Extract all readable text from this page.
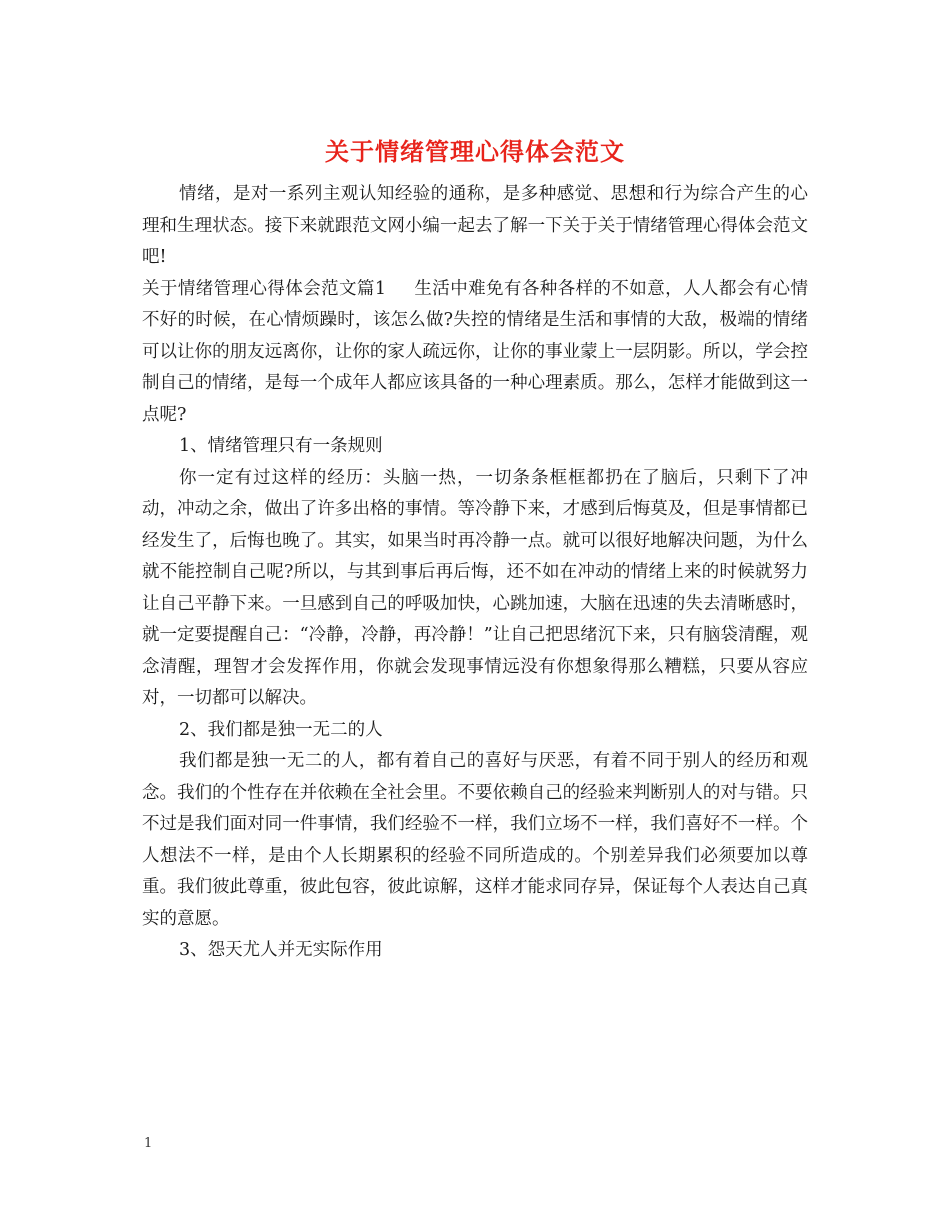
关于情绪管理心得体会范文

情绪，是对一系列主观认知经验的通称，是多种感觉、思想和行为综合产生的心理和生理状态。接下来就跟范文网小编一起去了解一下关于关于情绪管理心得体会范文吧!

关于情绪管理心得体会范文篇1 生活中难免有各种各样的不如意，人人都会有心情不好的时候，在心情烦躁时，该怎么做?失控的情绪是生活和事情的大敌，极端的情绪可以让你的朋友远离你，让你的家人疏远你，让你的事业蒙上一层阴影。所以，学会控制自己的情绪，是每一个成年人都应该具备的一种心理素质。那么，怎样才能做到这一点呢?

1、情绪管理只有一条规则

你一定有过这样的经历：头脑一热，一切条条框框都扔在了脑后，只剩下了冲动，冲动之余，做出了许多出格的事情。等冷静下来，才感到后悔莫及，但是事情都已经发生了，后悔也晚了。其实，如果当时再冷静一点。就可以很好地解决问题，为什么就不能控制自己呢?所以，与其到事后再后悔，还不如在冲动的情绪上来的时候就努力让自己平静下来。一旦感到自己的呼吸加快，心跳加速，大脑在迅速的失去清晰感时，就一定要提醒自己：“冷静，冷静，再冷静！”让自己把思绪沉下来，只有脑袋清醒，观念清醒，理智才会发挥作用，你就会发现事情远没有你想象得那么糟糕，只要从容应对，一切都可以解决。

2、我们都是独一无二的人

我们都是独一无二的人，都有着自己的喜好与厌恶，有着不同于别人的经历和观念。我们的个性存在并依赖在全社会里。不要依赖自己的经验来判断别人的对与错。只不过是我们面对同一件事情，我们经验不一样，我们立场不一样，我们喜好不一样。个人想法不一样，是由个人长期累积的经验不同所造成的。个别差异我们必须要加以尊重。我们彼此尊重，彼此包容，彼此谅解，这样才能求同存异，保证每个人表达自己真实的意愿。

3、怨天尤人并无实际作用

1
